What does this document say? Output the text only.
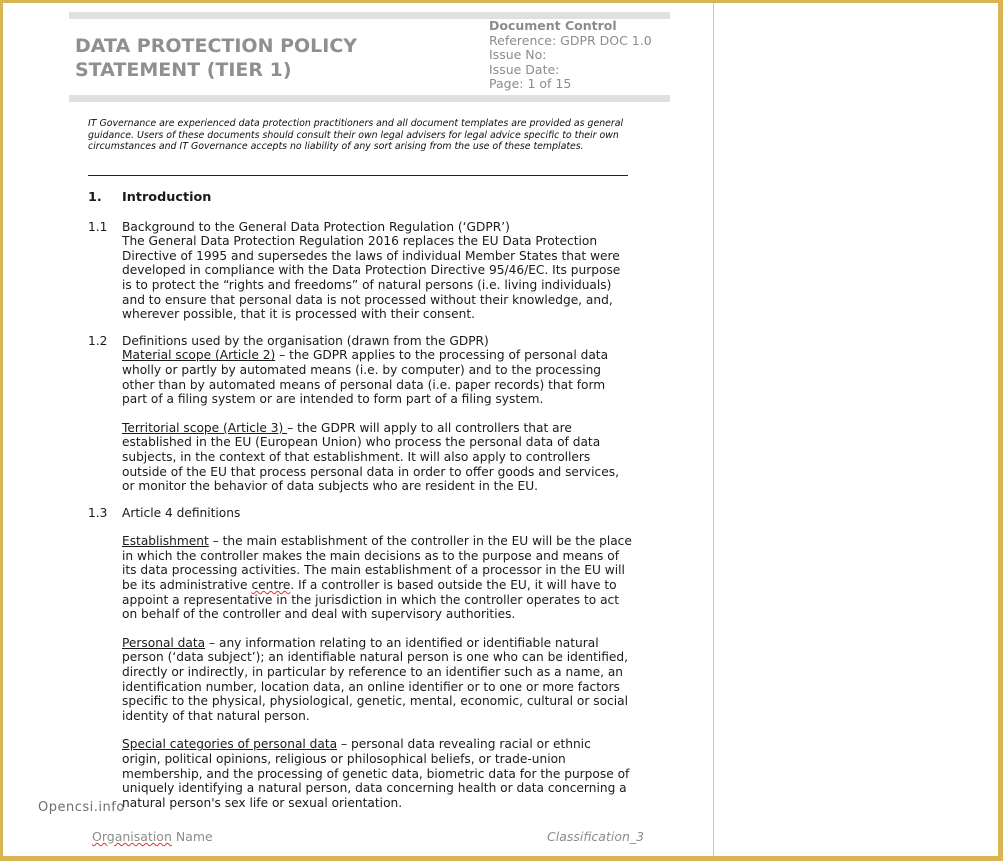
DATA PROTECTION POLICY
STATEMENT (TIER 1)
Document Control
Reference: GDPR DOC 1.0
Issue No:
Issue Date:
Page: 1 of 15
IT Governance are experienced data protection practitioners and all document templates are provided as general guidance. Users of these documents should consult their own legal advisers for legal advice specific to their own circumstances and IT Governance accepts no liability of any sort arising from the use of these templates.
1.	Introduction
1.1	Background to the General Data Protection Regulation (‘GDPR’)

The General Data Protection Regulation 2016 replaces the EU Data Protection Directive of 1995 and supersedes the laws of individual Member States that were developed in compliance with the Data Protection Directive 95/46/EC. Its purpose is to protect the “rights and freedoms” of natural persons (i.e. living individuals) and to ensure that personal data is not processed without their knowledge, and, wherever possible, that it is processed with their consent.

1.2	Definitions used by the organisation (drawn from the GDPR)

Material scope (Article 2) – the GDPR applies to the processing of personal data wholly or partly by automated means (i.e. by computer) and to the processing other than by automated means of personal data (i.e. paper records) that form part of a filing system or are intended to form part of a filing system.

Territorial scope (Article 3) – the GDPR will apply to all controllers that are established in the EU (European Union) who process the personal data of data subjects, in the context of that establishment. It will also apply to controllers outside of the EU that process personal data in order to offer goods and services, or monitor the behavior of data subjects who are resident in the EU.

1.3	Article 4 definitions

Establishment – the main establishment of the controller in the EU will be the place in which the controller makes the main decisions as to the purpose and means of its data processing activities. The main establishment of a processor in the EU will be its administrative centre. If a controller is based outside the EU, it will have to appoint a representative in the jurisdiction in which the controller operates to act on behalf of the controller and deal with supervisory authorities.

Personal data – any information relating to an identified or identifiable natural person (‘data subject’); an identifiable natural person is one who can be identified, directly or indirectly, in particular by reference to an identifier such as a name, an identification number, location data, an online identifier or to one or more factors specific to the physical, physiological, genetic, mental, economic, cultural or social identity of that natural person.

Special categories of personal data – personal data revealing racial or ethnic origin, political opinions, religious or philosophical beliefs, or trade-union membership, and the processing of genetic data, biometric data for the purpose of uniquely identifying a natural person, data concerning health or data concerning a natural person's sex life or sexual orientation.

Organisation Name	Classification_3
Opencsi.info
